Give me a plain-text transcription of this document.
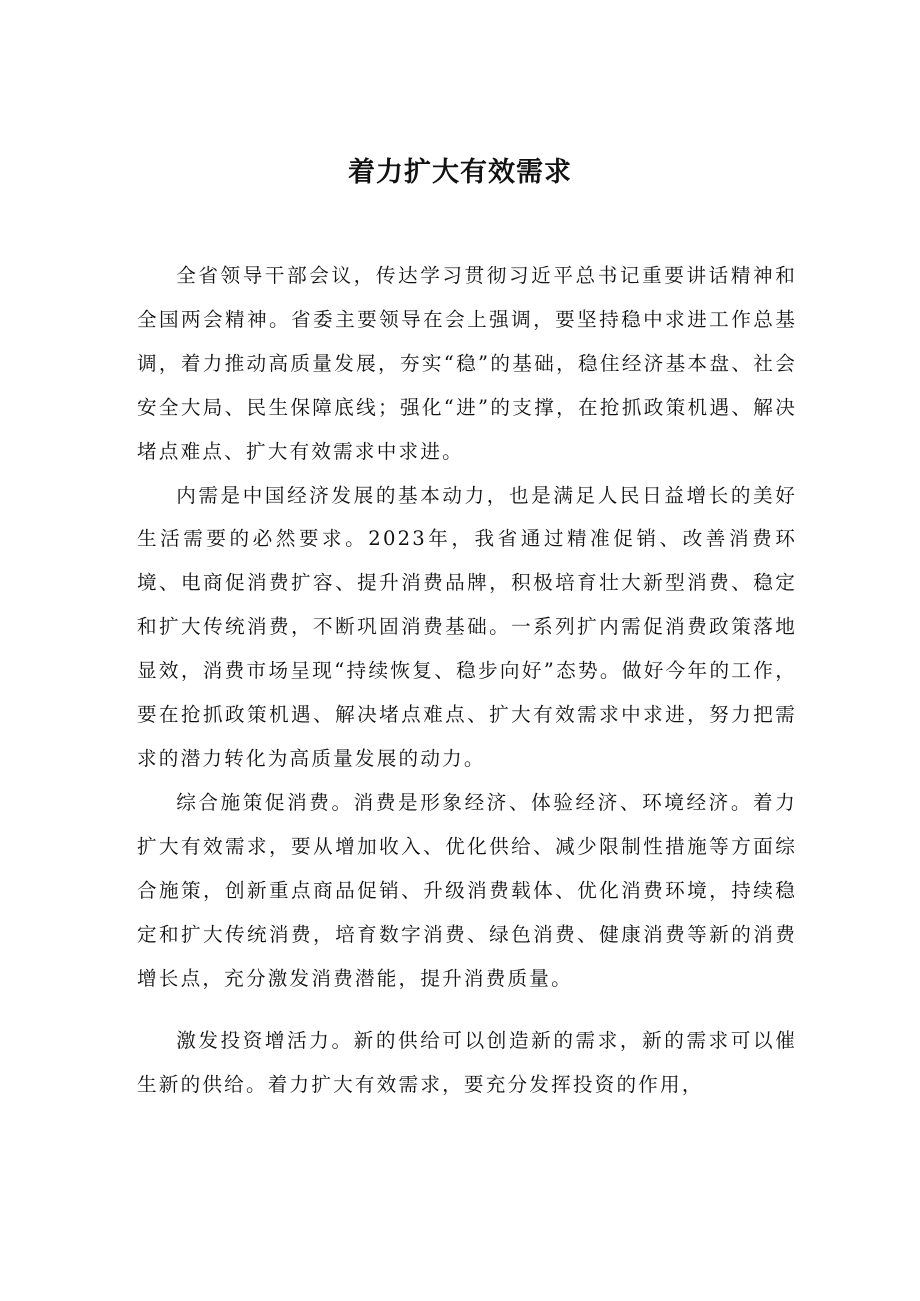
着力扩大有效需求

全省领导干部会议，传达学习贯彻习近平总书记重要讲话精神和全国两会精神。省委主要领导在会上强调，要坚持稳中求进工作总基调，着力推动高质量发展，夯实“稳”的基础，稳住经济基本盘、社会安全大局、民生保障底线；强化“进”的支撑，在抢抓政策机遇、解决堵点难点、扩大有效需求中求进。

内需是中国经济发展的基本动力，也是满足人民日益增长的美好生活需要的必然要求。2023年，我省通过精准促销、改善消费环境、电商促消费扩容、提升消费品牌，积极培育壮大新型消费、稳定和扩大传统消费，不断巩固消费基础。一系列扩内需促消费政策落地显效，消费市场呈现“持续恢复、稳步向好”态势。做好今年的工作，要在抢抓政策机遇、解决堵点难点、扩大有效需求中求进，努力把需求的潜力转化为高质量发展的动力。

综合施策促消费。消费是形象经济、体验经济、环境经济。着力扩大有效需求，要从增加收入、优化供给、减少限制性措施等方面综合施策，创新重点商品促销、升级消费载体、优化消费环境，持续稳定和扩大传统消费，培育数字消费、绿色消费、健康消费等新的消费增长点，充分激发消费潜能，提升消费质量。

激发投资增活力。新的供给可以创造新的需求，新的需求可以催生新的供给。着力扩大有效需求，要充分发挥投资的作用，
